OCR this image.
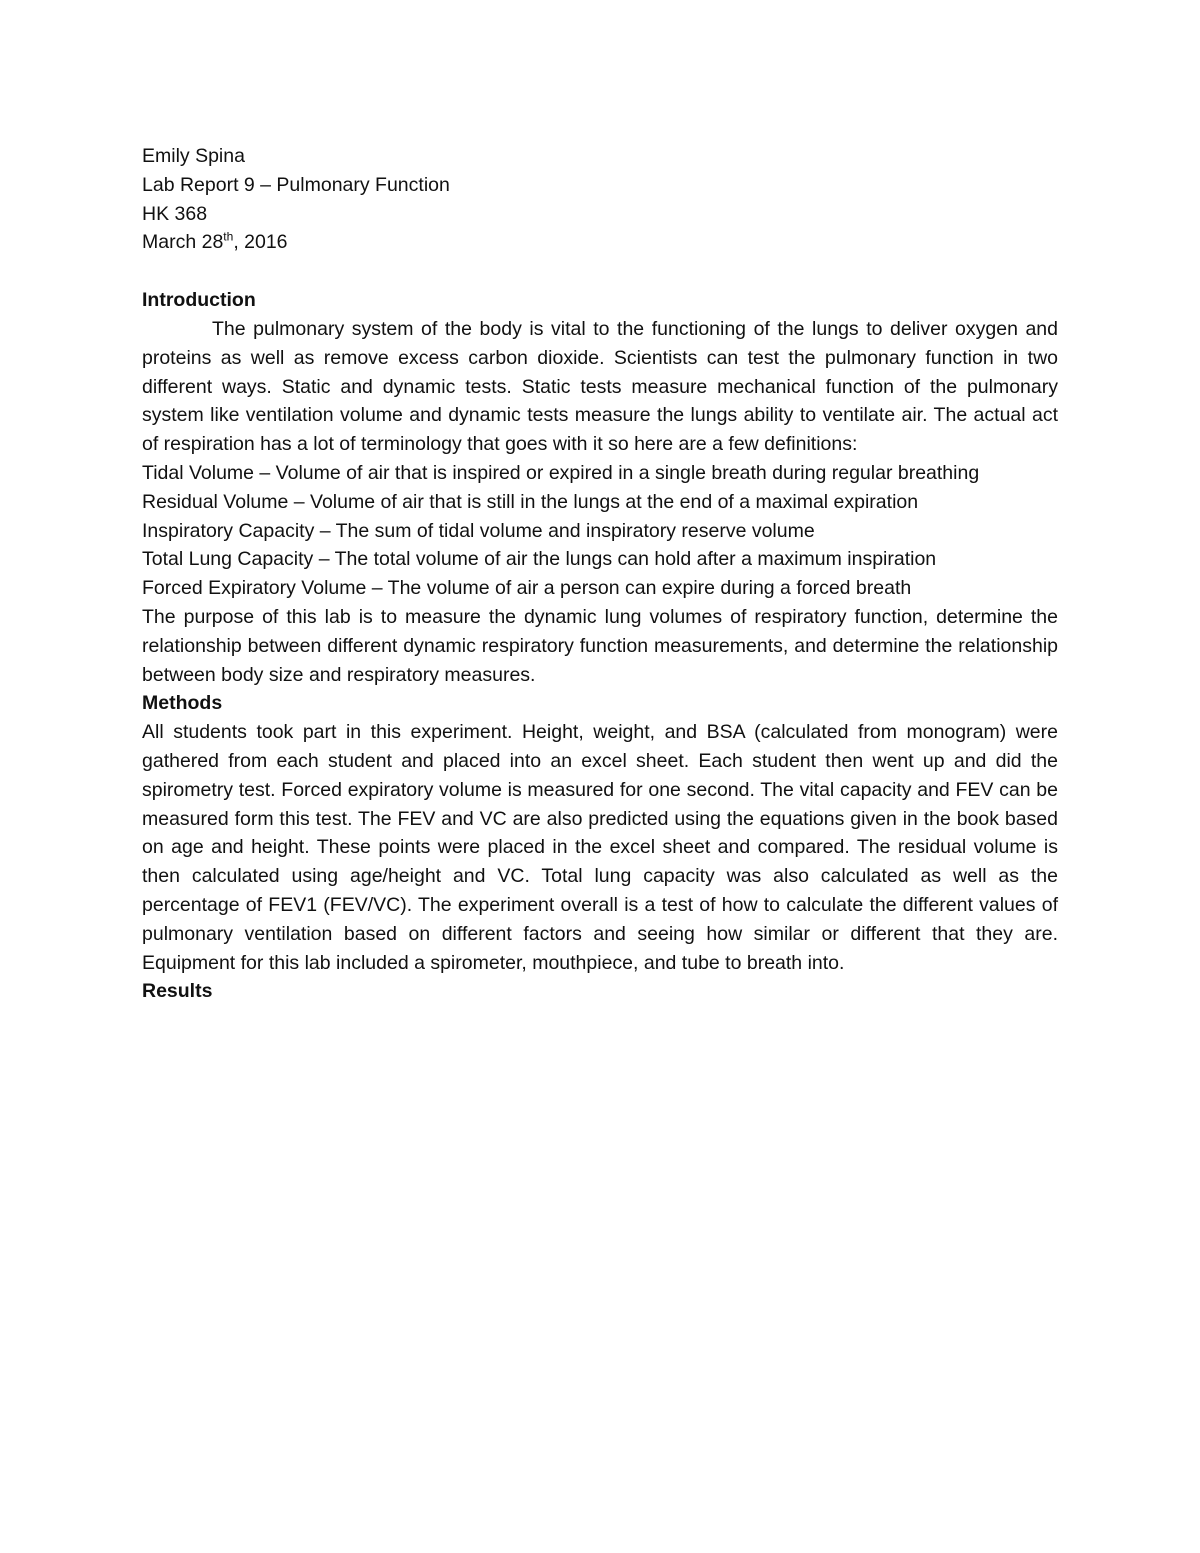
Emily Spina
Lab Report 9 – Pulmonary Function
HK 368
March 28th, 2016
Introduction

The pulmonary system of the body is vital to the functioning of the lungs to deliver oxygen and proteins as well as remove excess carbon dioxide. Scientists can test the pulmonary function in two different ways. Static and dynamic tests. Static tests measure mechanical function of the pulmonary system like ventilation volume and dynamic tests measure the lungs ability to ventilate air. The actual act of respiration has a lot of terminology that goes with it so here are a few definitions:

Tidal Volume – Volume of air that is inspired or expired in a single breath during regular breathing
Residual Volume – Volume of air that is still in the lungs at the end of a maximal expiration
Inspiratory Capacity – The sum of tidal volume and inspiratory reserve volume
Total Lung Capacity – The total volume of air the lungs can hold after a maximum inspiration
Forced Expiratory Volume – The volume of air a person can expire during a forced breath

The purpose of this lab is to measure the dynamic lung volumes of respiratory function, determine the relationship between different dynamic respiratory function measurements, and determine the relationship between body size and respiratory measures.

Methods

All students took part in this experiment. Height, weight, and BSA (calculated from monogram) were gathered from each student and placed into an excel sheet. Each student then went up and did the spirometry test. Forced expiratory volume is measured for one second. The vital capacity and FEV can be measured form this test. The FEV and VC are also predicted using the equations given in the book based on age and height. These points were placed in the excel sheet and compared. The residual volume is then calculated using age/height and VC. Total lung capacity was also calculated as well as the percentage of FEV1 (FEV/VC). The experiment overall is a test of how to calculate the different values of pulmonary ventilation based on different factors and seeing how similar or different that they are. Equipment for this lab included a spirometer, mouthpiece, and tube to breath into.

Results
